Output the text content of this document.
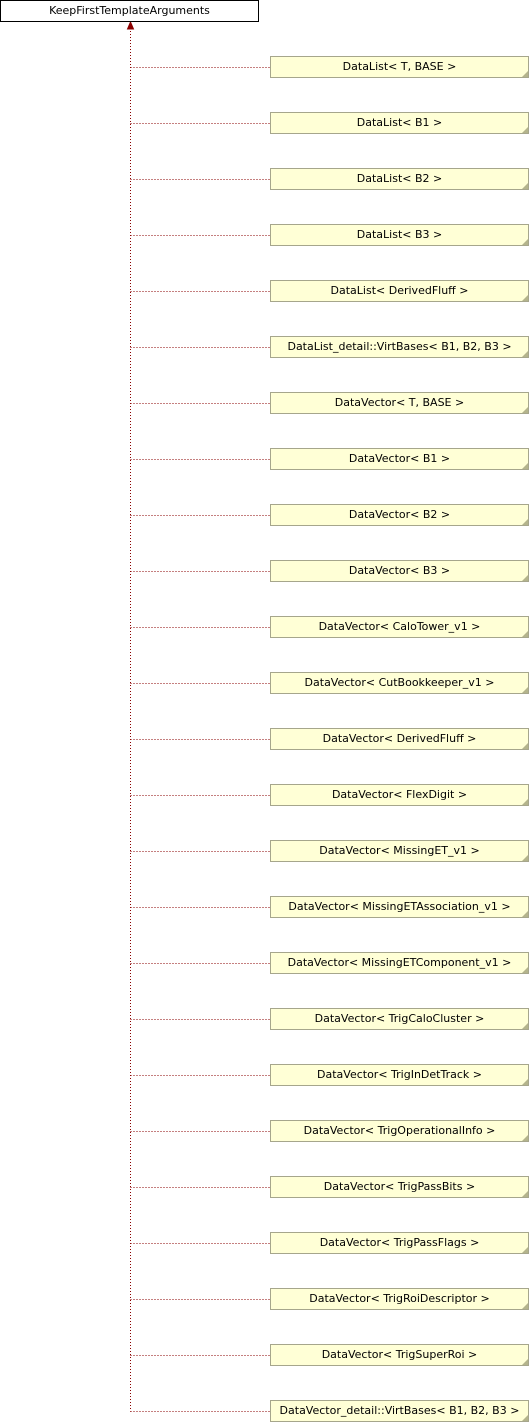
KeepFirstTemplateArguments
DataList< T, BASE >
DataList< B1 >
DataList< B2 >
DataList< B3 >
DataList< DerivedFluff >
DataList_detail::VirtBases< B1, B2, B3 >
DataVector< T, BASE >
DataVector< B1 >
DataVector< B2 >
DataVector< B3 >
DataVector< CaloTower_v1 >
DataVector< CutBookkeeper_v1 >
DataVector< DerivedFluff >
DataVector< FlexDigit >
DataVector< MissingET_v1 >
DataVector< MissingETAssociation_v1 >
DataVector< MissingETComponent_v1 >
DataVector< TrigCaloCluster >
DataVector< TrigInDetTrack >
DataVector< TrigOperationalInfo >
DataVector< TrigPassBits >
DataVector< TrigPassFlags >
DataVector< TrigRoiDescriptor >
DataVector< TrigSuperRoi >
DataVector_detail::VirtBases< B1, B2, B3 >
